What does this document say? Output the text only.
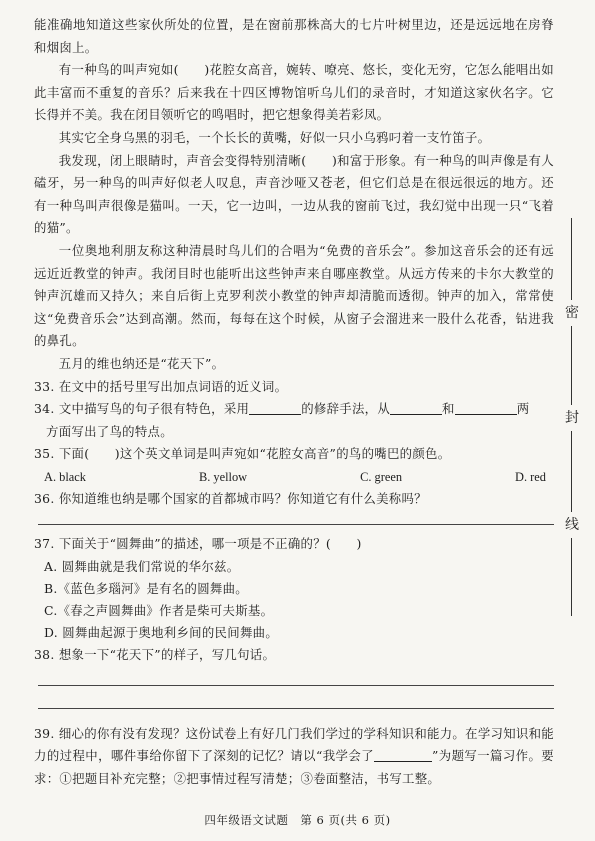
能准确地知道这些家伙所处的位置，是在窗前那株高大的七片叶树里边，还是远远地在房脊和烟囱上。

有一种鸟的叫声宛如(　　)花腔女高音，婉转、嘹亮、悠长，变化无穷，它怎么能唱出如此丰富而不重复的音乐？后来我在十四区博物馆听乌儿们的录音时，才知道这家伙名字。它长得并不美。我在闭目领听它的鸣唱时，把它想象得美若彩凤。

其实它全身乌黑的羽毛，一个长长的黄嘴，好似一只小乌鸦叼着一支竹笛子。

我发现，闭上眼睛时，声音会变得特别清晰(　　)和富于形象。有一种鸟的叫声像是有人磕牙，另一种鸟的叫声好似老人叹息，声音沙哑又苍老，但它们总是在很远很远的地方。还有一种鸟叫声很像是猫叫。一天，它一边叫，一边从我的窗前飞过，我幻觉中出现一只“飞着的猫”。

一位奥地利朋友称这种清晨时鸟儿们的合唱为“免费的音乐会”。参加这音乐会的还有远远近近教堂的钟声。我闭目时也能听出这些钟声来自哪座教堂。从远方传来的卡尔大教堂的钟声沉雄而又持久；来自后街上克罗利茨小教堂的钟声却清脆而透彻。钟声的加入，常常使这“免费音乐会”达到高潮。然而，每每在这个时候，从窗子会溜进来一股什么花香，钻进我的鼻孔。

五月的维也纳还是“花天下”。

33. 在文中的括号里写出加点词语的近义词。

34. 文中描写鸟的句子很有特色，采用	的修辞手法，从	和	两
方面写出了鸟的特点。

35. 下面(　　)这个英文单词是叫声宛如“花腔女高音”的鸟的嘴巴的颜色。

A. black	B. yellow	C. green	D. red

36. 你知道维也纳是哪个国家的首都城市吗？你知道它有什么美称吗？

37. 下面关于“圆舞曲”的描述，哪一项是不正确的？(　　)

A. 圆舞曲就是我们常说的华尔兹。
B.《蓝色多瑙河》是有名的圆舞曲。
C.《春之声圆舞曲》作者是柴可夫斯基。
D. 圆舞曲起源于奥地利乡间的民间舞曲。

38. 想象一下“花天下”的样子，写几句话。

39. 细心的你有没有发现？这份试卷上有好几门我们学过的学科知识和能力。在学习知识和能力的过程中，哪件事给你留下了深刻的记忆？请以“我学会了	”为题写一篇习作。要求：①把题目补充完整；②把事情过程写清楚；③卷面整洁，书写工整。

密
封
线
四年级语文试题　第 6 页(共 6 页)
